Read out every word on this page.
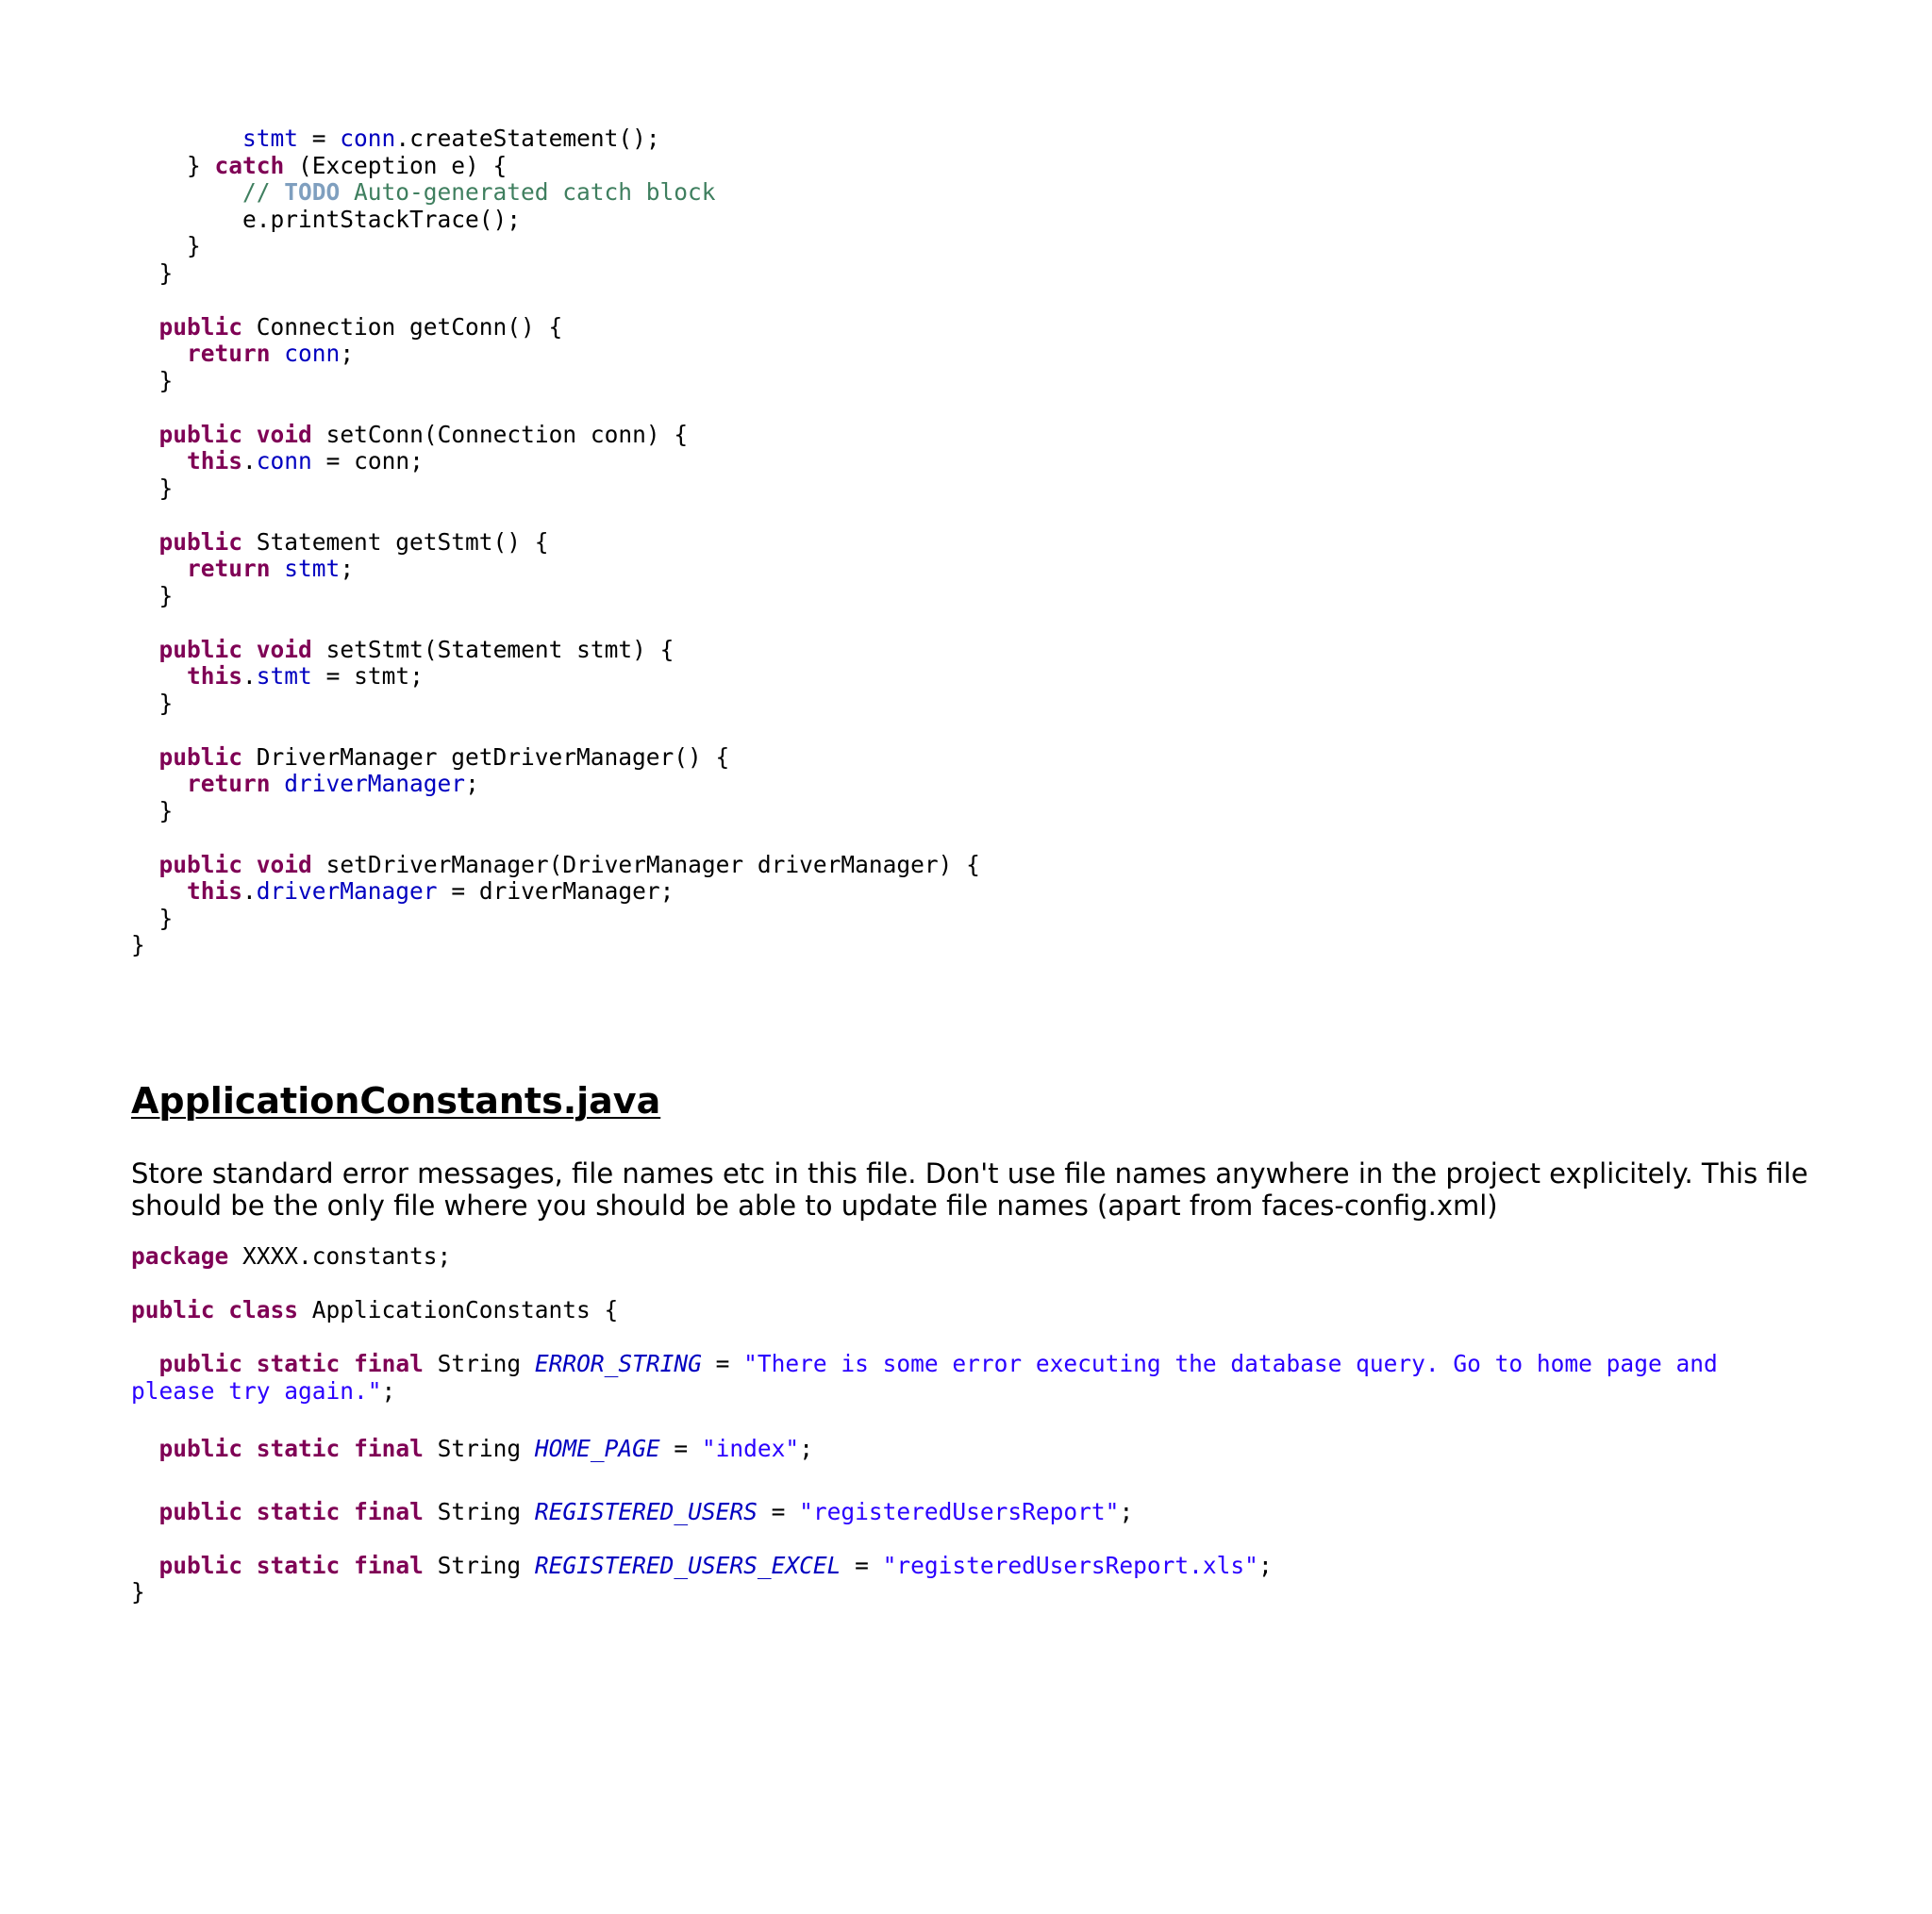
stmt = conn.createStatement();
} catch (Exception e) {
// TODO Auto-generated catch block
e.printStackTrace();
}
}

public Connection getConn() {
return conn;
}

public void setConn(Connection conn) {
this.conn = conn;
}

public Statement getStmt() {
return stmt;
}

public void setStmt(Statement stmt) {
this.stmt = stmt;
}

public DriverManager getDriverManager() {
return driverManager;
}

public void setDriverManager(DriverManager driverManager) {
this.driverManager = driverManager;
}
}
ApplicationConstants.java

Store standard error messages, file names etc in this file. Don't use file names anywhere in the project explicitely. This file should be the only file where you should be able to update file names (apart from faces-config.xml)

package XXXX.constants;
public class ApplicationConstants {
public static final String ERROR_STRING = "There is some error executing the database query. Go to home page and
please try again.";
public static final String HOME_PAGE = "index";
public static final String REGISTERED_USERS = "registeredUsersReport";
public static final String REGISTERED_USERS_EXCEL = "registeredUsersReport.xls";
}
